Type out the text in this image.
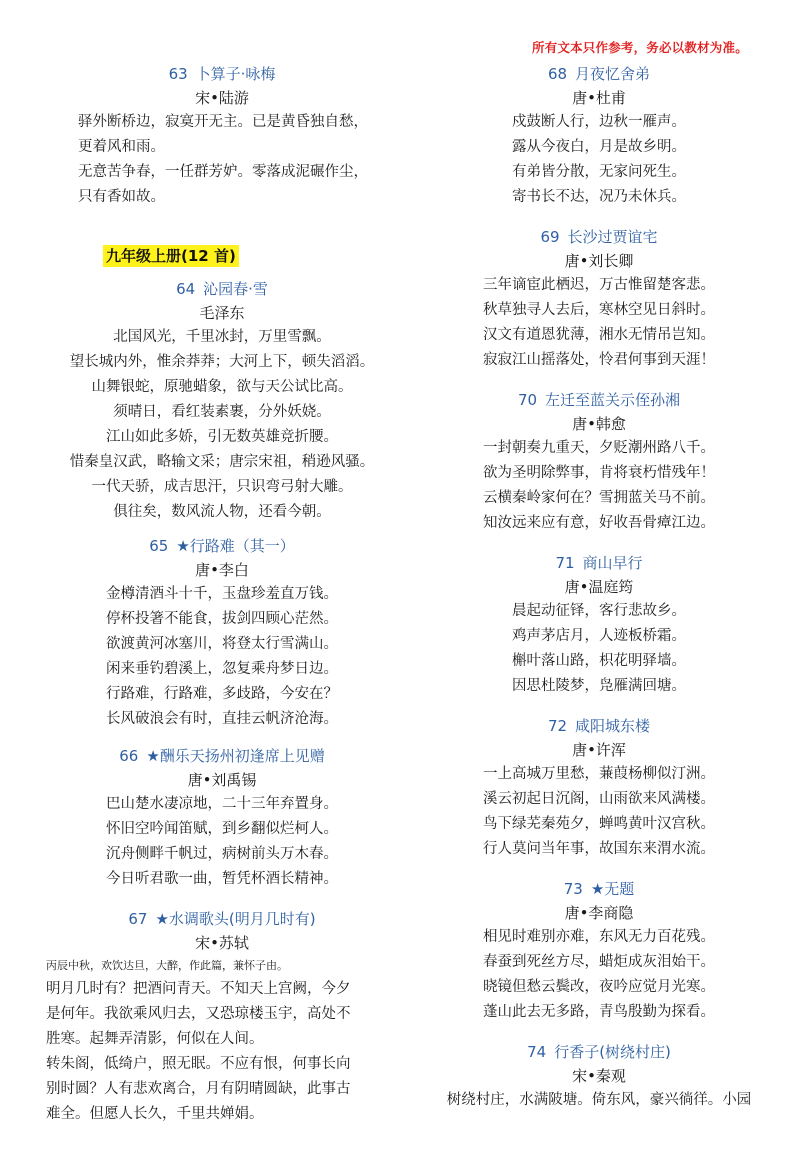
所有文本只作参考，务必以教材为准。
九年级上册(12 首)
63 卜算子·咏梅
宋•陆游
驿外断桥边，寂寞开无主。已是黄昏独自愁，
更着风和雨。
无意苦争春，一任群芳妒。零落成泥碾作尘，
只有香如故。
64 沁园春·雪
毛泽东
北国风光，千里冰封，万里雪飘。
望长城内外，惟余莽莽；大河上下，顿失滔滔。
山舞银蛇，原驰蜡象，欲与天公试比高。
须晴日，看红装素裹，分外妖娆。
江山如此多娇，引无数英雄竞折腰。
惜秦皇汉武，略输文采；唐宗宋祖，稍逊风骚。
一代天骄，成吉思汗，只识弯弓射大雕。
俱往矣，数风流人物，还看今朝。
65 ★行路难（其一）
唐•李白
金樽清酒斗十千，玉盘珍羞直万钱。
停杯投箸不能食，拔剑四顾心茫然。
欲渡黄河冰塞川，将登太行雪满山。
闲来垂钓碧溪上，忽复乘舟梦日边。
行路难，行路难，多歧路，今安在？
长风破浪会有时，直挂云帆济沧海。
66 ★酬乐天扬州初逢席上见赠
唐•刘禹锡
巴山楚水凄凉地，二十三年弃置身。
怀旧空吟闻笛赋，到乡翻似烂柯人。
沉舟侧畔千帆过，病树前头万木春。
今日听君歌一曲，暂凭杯酒长精神。
67 ★水调歌头(明月几时有)
宋•苏轼
丙辰中秋，欢饮达旦，大醉，作此篇，兼怀子由。
明月几时有？把酒问青天。不知天上宫阙，今夕
是何年。我欲乘风归去，又恐琼楼玉宇，高处不
胜寒。起舞弄清影，何似在人间。
转朱阁，低绮户，照无眠。不应有恨，何事长向
别时圆？人有悲欢离合，月有阴晴圆缺，此事古
难全。但愿人长久，千里共婵娟。
68 月夜忆舍弟
唐•杜甫
戍鼓断人行，边秋一雁声。
露从今夜白，月是故乡明。
有弟皆分散，无家问死生。
寄书长不达，况乃未休兵。
69 长沙过贾谊宅
唐•刘长卿
三年谪宦此栖迟，万古惟留楚客悲。
秋草独寻人去后，寒林空见日斜时。
汉文有道恩犹薄，湘水无情吊岂知。
寂寂江山摇落处，怜君何事到天涯！
70 左迁至蓝关示侄孙湘
唐•韩愈
一封朝奏九重天，夕贬潮州路八千。
欲为圣明除弊事，肯将衰朽惜残年！
云横秦岭家何在？雪拥蓝关马不前。
知汝远来应有意，好收吾骨瘴江边。
71 商山早行
唐•温庭筠
晨起动征铎，客行悲故乡。
鸡声茅店月，人迹板桥霜。
槲叶落山路，枳花明驿墙。
因思杜陵梦，凫雁满回塘。
72 咸阳城东楼
唐•许浑
一上高城万里愁，蒹葭杨柳似汀洲。
溪云初起日沉阁，山雨欲来风满楼。
鸟下绿芜秦苑夕，蝉鸣黄叶汉宫秋。
行人莫问当年事，故国东来渭水流。
73 ★无题
唐•李商隐
相见时难别亦难，东风无力百花残。
春蚕到死丝方尽，蜡炬成灰泪始干。
晓镜但愁云鬓改，夜吟应觉月光寒。
蓬山此去无多路，青鸟殷勤为探看。
74 行香子(树绕村庄)
宋•秦观
树绕村庄，水满陂塘。倚东风，豪兴徜徉。小园
